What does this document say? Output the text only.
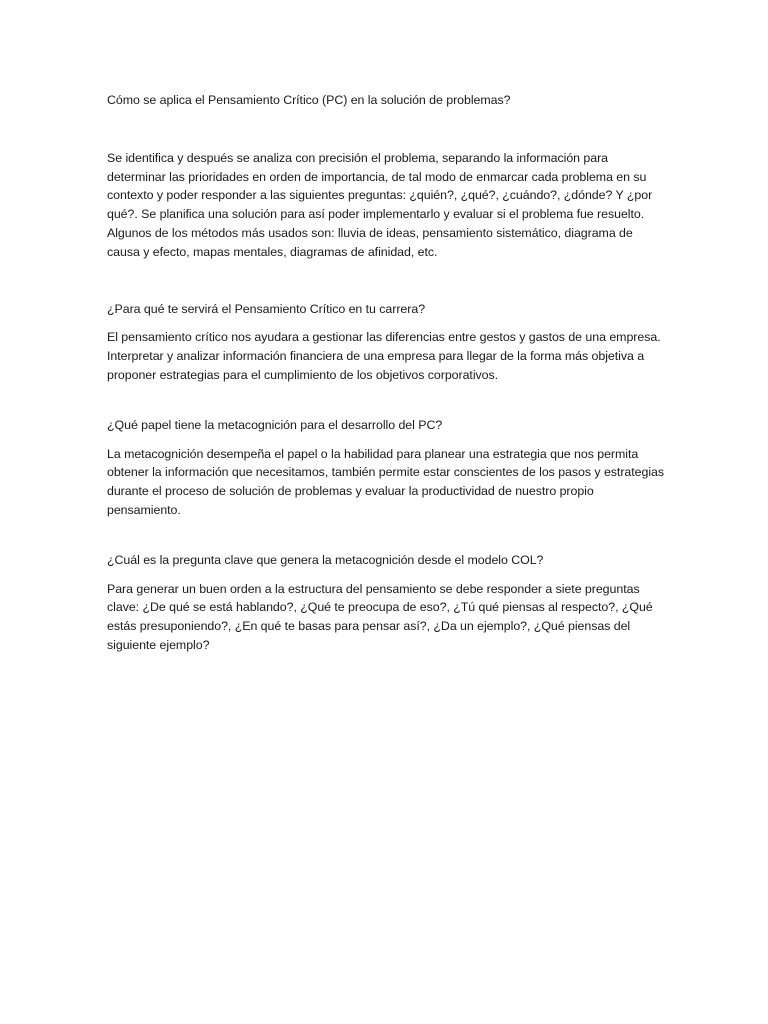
Cómo se aplica el Pensamiento Crítico (PC) en la solución de problemas?

Se identifica y después se analiza con precisión el problema, separando la información para determinar las prioridades en orden de importancia, de tal modo de enmarcar cada problema en su contexto y poder responder a las siguientes preguntas: ¿quién?, ¿qué?, ¿cuándo?, ¿dónde? Y ¿por qué?. Se planifica una solución para así poder implementarlo y evaluar si el problema fue resuelto. Algunos de los métodos más usados son: lluvia de ideas, pensamiento sistemático, diagrama de causa y efecto, mapas mentales, diagramas de afinidad, etc.

¿Para qué te servirá el Pensamiento Crítico en tu carrera?

El pensamiento crítico nos ayudara a gestionar las diferencias entre gestos y gastos de una empresa. Interpretar y analizar información financiera de una empresa para llegar de la forma más objetiva a proponer estrategias para el cumplimiento de los objetivos corporativos.

¿Qué papel tiene la metacognición para el desarrollo del PC?

La metacognición desempeña el papel o la habilidad para planear una estrategia que nos permita obtener la información que necesitamos, también permite estar conscientes de los pasos y estrategias durante el proceso de solución de problemas y evaluar la productividad de nuestro propio pensamiento.

¿Cuál es la pregunta clave que genera la metacognición desde el modelo COL?

Para generar un buen orden a la estructura del pensamiento se debe responder a siete preguntas clave: ¿De qué se está hablando?, ¿Qué te preocupa de eso?, ¿Tú qué piensas al respecto?, ¿Qué estás presuponiendo?, ¿En qué te basas para pensar así?, ¿Da un ejemplo?, ¿Qué piensas del siguiente ejemplo?
